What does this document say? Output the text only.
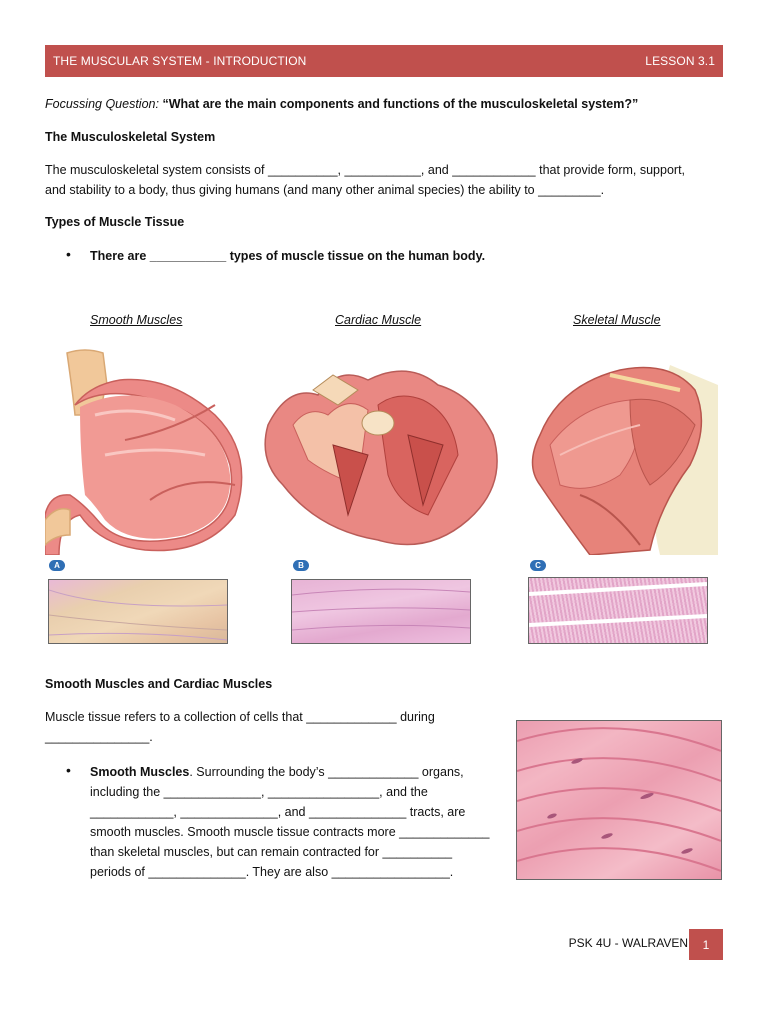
THE MUSCULAR SYSTEM - INTRODUCTION	LESSON 3.1
Focussing Question: “What are the main components and functions of the musculoskeletal system?”
The Musculoskeletal System
The musculoskeletal system consists of __________, ___________, and ____________ that provide form, support,
and stability to a body, thus giving humans (and many other animal species) the ability to _________.
Types of Muscle Tissue
• There are ___________ types of muscle tissue on the human body.
Smooth Muscles	Cardiac Muscle	Skeletal Muscle
A	B	C
Smooth Muscles and Cardiac Muscles
Muscle tissue refers to a collection of cells that _____________ during
_______________.
• Smooth Muscles. Surrounding the body’s _____________ organs,
including the ______________, ________________, and the
____________, ______________, and ______________ tracts, are
smooth muscles. Smooth muscle tissue contracts more _____________
than skeletal muscles, but can remain contracted for __________
periods of ______________. They are also _________________.
PSK 4U - WALRAVEN	1
